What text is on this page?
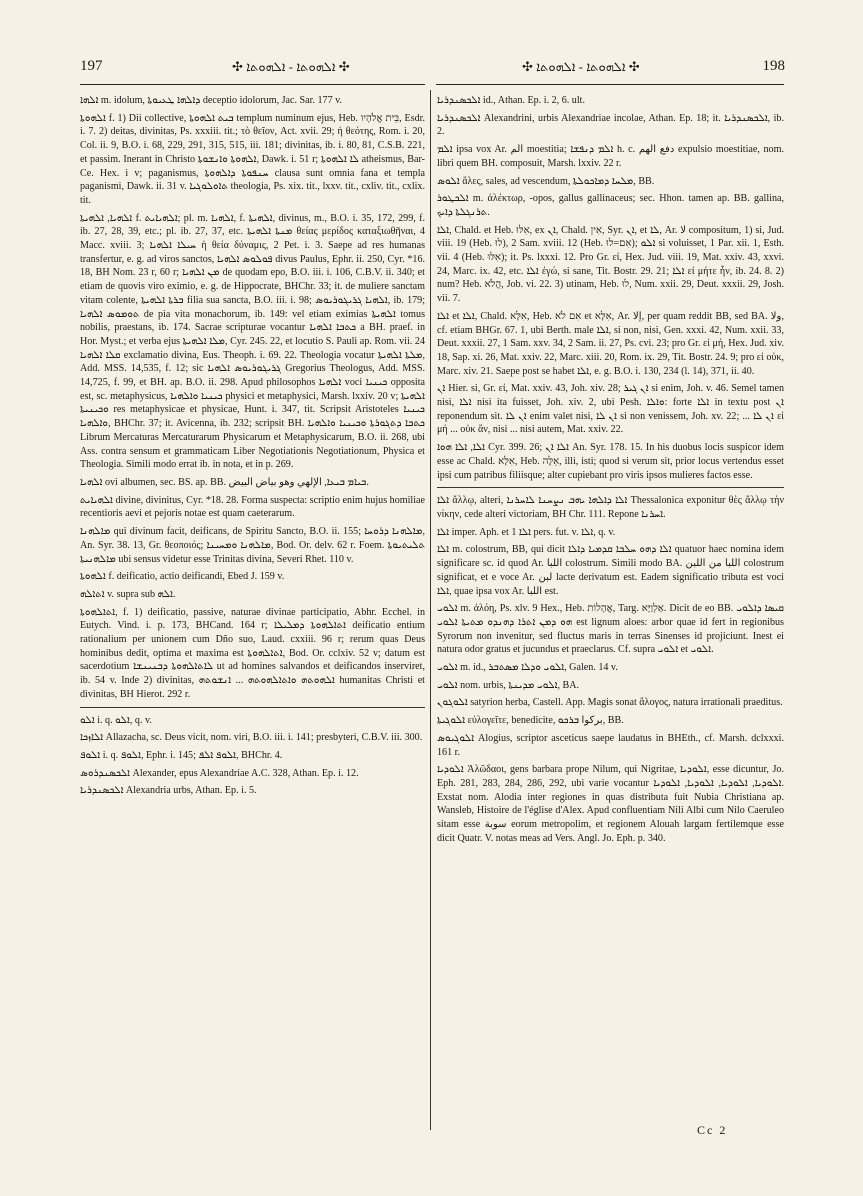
197	✣ ܐܠܗܘܬܐ - ܐܠܗܘܬܐ ✣	✣ ܐܠܗܘܬܐ - ܐܠܗܘܬܐ ✣	198
ܐܠܗܐ m. idolum, ܕܐܠܗܐ ܛܥܝܘܬܐ deceptio idolorum, Jac. Sar. 177 v.
ܐܠܗܘܬܐ f. 1) Dii collective, ܒܝܬ ܐܠܗܘܬܐ templum numinum ejus, Heb. בֵּית אֱלֹהָיו, Esdr. i. 7. 2) deitas, divinitas, Ps. xxxiii. tit.; τὸ θεῖον, Act. xvii. 29; ἡ θεότης, Rom. i. 20, Col. ii. 9, B.O. i. 68, 229, 291, 315, 515, iii. 181; divinitas, ib. i. 80, 81, C.S.B. 221, et passim. Inerant in Christo ܐܠܗܘܬܐ ܘܐܢܫܘܬܐ, Dawk. i. 51 r; ܠܐ ܐܠܗܘܬܐ atheismus, Bar-Ce. Hex. i v; paganismus, ܚܢܦܘܬܐ ܕܐܠܗܘܬܐ clausa sunt omnia fana et templa paganismi, Dawk. ii. 31 v. ܬܐܘܠܘܓܝܐ theologia, Ps. xix. tit., lxxv. tit., cxliv. tit., cxlix. tit.
ܐܠܗܝܐ, ܐܠܗܝܬܐ f. ܐܠܗܝܐܝܬ; pl. m. ܐܠܗܝܐ, f. ܐܠܗܝܬܐ, divinus, m., B.O. i. 35, 172, 299, f. ib. 27, 28, 39, etc.; pl. ib. 27, 37, etc. ܡܢܬܐ ܐܠܗܝܬܐ θείας μερίδος καταξιωθῆναι, 4 Macc. xviii. 3; ܚܝܠܐ ܐܠܗܝܐ ἡ θεία δύναμις, 2 Pet. i. 3. Saepe ad res humanas transfertur, e. g. ad viros sanctos, ܦܘܠܘܣ ܐܠܗܝܐ divus Paulus, Ephr. ii. 250, Cyr. *16. 18, BH Nom. 23 r, 60 r; ܡܢ ܐܠܗܝܐ de quodam epo, B.O. iii. i. 106, C.B.V. ii. 340; et etiam de quovis viro eximio, e. g. de Hippocrate, BHChr. 33; it. de muliere sanctam vitam colente, ܒܪܬܐ ܐܠܗܝܬܐ filia sua sancta, B.O. iii. i. 98; ܐܠܗܝܐ ܓܪܝܓܘܪܝܘܣ, ib. 179; ܬܘܡܘܣ ܐܠܗܝܐ de pia vita monachorum, ib. 149: vel etiam eximias ܐܠܗܝܬܐ tomus nobilis, praestans, ib. 174. Sacrae scripturae vocantur ܟܬܒܐ ܐܠܗܝܐ a BH. praef. in Hor. Myst.; et verba ejus ܡܠܐ ܐܠܗܝܬܐ, Cyr. 245. 22, et locutio S. Pauli ap. Rom. vii. 24 ܩܠܐ ܐܠܗܝܐ exclamatio divina, Eus. Theoph. i. 69. 22. Theologia vocatur ܡܠܬܐ ܐܠܗܝܬܐ, Add. MSS. 14,535, f. 12; sic ܓܪܝܓܘܪܝܘܣ ܐܠܗܝܐ Gregorius Theologus, Add. MSS. 14,725, f. 99, et BH. ap. B.O. ii. 298. Apud philosophos ܐܠܗܝܐ voci ܟܝܢܝܐ opposita est, sc. metaphysicus, ܟܝܢܝܐ ܘܐܠܗܝܐ physici et metaphysici, Marsh. lxxiv. 20 v; ܐܠܗܝܬܐ ܘܟܝܢܝܬܐ res metaphysicae et physicae, Hunt. i. 347, tit. Scripsit Aristoteles ܟܝܢܝܐ ܘܐܠܗܝܐ, BHChr. 37; it. Avicenna, ib. 232; scripsit BH. ܟܬܒܐ ܕܬܓܘܪܬܐ ܘܟܝܢܝܐ ܘܐܠܗܝܐ Librum Mercaturas Mercaturarum Physicarum et Metaphysicarum, B.O. ii. 268, ubi Ass. contra sensum et grammaticam Liber Negotiationis Negotiationum, Physica et Theologia. Simili modo errat ib. in nota, et in p. 269.
ܐܠܗܝܐ ovi albumen, sec. BS. ap. BB. ܒܝܐܡ ܒܝܥܐ, الإلهي وهو بياض البيض.
ܐܠܗܝܐܝܬ divine, divinitus, Cyr. *18. 28. Forma suspecta: scriptio enim hujus homiliae recentioris aevi et pejoris notae est quam caeterarum.
ܡܐܠܗܢܐ qui divinum facit, deificans, de Spiritu Sancto, B.O. ii. 155; ܡܐܠܗܢܐ ܕܪܘܚܐ, An. Syr. 38. 13, Gr. θεοποιός; ܡܐܠܗܢܐ ܘܡܚܝܢܐ, Bod. Or. delv. 62 r. Foem. ܬܠܝܬܝܘܬܐ ܡܐܠܗܢܝܬܐ ubi sensus videtur esse Trinitas divina, Severi Rhet. 110 v.
ܐܠܗܘܬܐ f. deificatio, actio deificandi, Ebed J. 159 v.
ܐܬܐܠܗ v. supra sub ܐܠܗ.
ܐܬܐܠܗܘܬܐ, f. 1) deificatio, passive, naturae divinae participatio, Abhr. Ecchel. in Eutych. Vind. i. p. 173, BHCand. 164 r; ܐܬܐܠܗܘܬܐ ܕܡܠܝܠܐ deificatio entium rationalium per unionem cum Dño suo, Laud. cxxiii. 96 r; rerum quas Deus hominibus dedit, optima et maxima est ܐܬܐܠܗܘܬܐ, Bod. Or. cclxiv. 52 v; datum est sacerdotium ܠܐܬܐܠܗܘܬܐ ܕܒܢܝܢܫܐ ut ad homines salvandos et deificandos inserviret, ib. 54 v. Inde 2) divinitas, ܐܠܗܘܬܗ ܘܐܬܐܠܗܘܬܗ ... ܐܢܫܘܬܗ humanitas Christi et divinitas, BH Hierot. 292 r.
ܐܠܘ i. q. ܐܠܘ, q. v.
ܐܠܐܙܟܐ Allazacha, sc. Deus vicit, nom. viri, B.O. iii. i. 141; presbyteri, C.B.V. iii. 300.
ܐܠܘܦ i. q. ܐܠܘܦ, Ephr. i. 145; ܐܠܘܦ ܐܠܦ, BHChr. 4.
ܐܠܟܣܢܕܪܘܣ Alexander, epus Alexandriae A.C. 328, Athan. Ep. i. 12.
ܐܠܟܣܢܕܪܝܐ Alexandria urbs, Athan. Ep. i. 5.
ܐܠܟܣܢܕܪܝܐ id., Athan. Ep. i. 2, 6. ult.
ܐܠܟܣܢܕܪܝܐ Alexandrini, urbis Alexandriae incolae, Athan. Ep. 18; it. ܐܠܟܣܢܕܪܝܐ, ib. 2.
ܐܠܡ ipsa vox Ar. الم moestitia; ܐܠܡ ܕܢܦܫܐ h. c. دفع الهم expulsio moestitiae, nom. libri quem BH. composuit, Marsh. lxxiv. 22 r.
ܐܠܘܣ ἅλες, sales, ad vescendum, ܡܠܚܐ ܕܡܐܟܘܠܬܐ, BB.
ܐܠܟܛܘܪ m. ἀλέκτωρ, -opos, gallus gallinaceus; sec. Hhon. tamen ap. BB. gallina, ܬܪܢܓܠܬܐ ܕܐܝܟ.
ܐܠܐ, Chald. et Heb. אִלּוּ, ex ܐܢ, Chald. אִין, Syr. ܐܢ, et ܠܐ, Ar. لا compositum, 1) si, Jud. viii. 19 (Heb. לוּ), 2 Sam. xviii. 12 (Heb. אִם=לוּ); ܐܠܘ si voluisset, 1 Par. xii. 1, Esth. vii. 4 (Heb. אִלּוּ); it. Ps. lxxxi. 12. Pro Gr. εἰ, Hex. Jud. viii. 19, Mat. xxiv. 43, xxvi. 24, Marc. ix. 42, etc. ܐܠܐ ἐγώ, si sane, Tit. Bostr. 29. 21; ܐܠܐ εἰ μήτε ἦν, ib. 24. 8. 2) num? Heb. הֲלֹא, Job. vi. 22. 3) utinam, Heb. לוּ, Num. xxii. 29, Deut. xxxii. 29, Josh. vii. 7.
ܐܠܐ et ܐܠܐ, Chald. אִלָּא, Heb. אִם לֹא et אִלָּא, Ar. إلا, per quam reddit BB, sed BA. ولا, cf. etiam BHGr. 67. 1, ubi Berth. male ܐܠܐ, si non, nisi, Gen. xxxi. 42, Num. xxii. 33, Deut. xxxii. 27, 1 Sam. xxv. 34, 2 Sam. ii. 27, Ps. cvi. 23; pro Gr. εἰ μή, Hex. Jud. xiv. 18, Sap. xi. 26, Mat. xxiv. 22, Marc. xiii. 20, Rom. ix. 29, Tit. Bostr. 24. 9; pro εἰ οὐκ, Marc. xiv. 21. Saepe post se habet ܐܠܐ, e. g. B.O. i. 130, 234 (l. 14), 371, ii. 40.
ܐܢ Hier. si, Gr. εἰ, Mat. xxiv. 43, Joh. xiv. 28; ܐܢ ܓܝܪ si enim, Joh. v. 46. Semel tamen nisi, ܐܠܐ nisi ita fuisset, Joh. xiv. 2, ubi Pesh. ܘܐܠܐ: forte ܐܠܐ in textu post ܐܢ reponendum sit. ܐܢ ܠܐ enim valet nisi, ܐܢ ܠܐ si non venissem, Joh. xv. 22; ... ܐܢ ܠܐ εἰ μή ... οὐκ ἄν, nisi ... nisi autem, Mat. xxiv. 22.
ܐܠܐ, ܐܠܐ ܗܘܐ Cyr. 399. 26; ܐܠܐ ܐܢ An. Syr. 178. 15. In his duobus locis suspicor idem esse ac Chald. אִלָּא, Heb. אֵלֶּה, illi, isti; quod si verum sit, prior locus vertendus esset ipsi cum patribus filiisque; alter cupiebant pro viris ipsos mulieres factos esse.
ܐܠܐ ἄλλῳ, alteri, ܐܠܐ ܕܐܠܗܐ ܝܗܒ ܢܨܚܢܐ ܠܐܚܪܢܐ Thessalonica exponitur θὲς ἄλλῳ τὴν νίκην, cede alteri victoriam, BH Chr. 111. Repone ܐܚܪܢܐ.
ܐܠܐ imper. Aph. et ܐܠܐ 1 pers. fut. v. ܐܠܐ, q. v.
ܐܠܐ m. colostrum, BB, qui dicit ܐܠܐ ܕܗܘ ܚܠܒܐ ܩܕܡܝܐ ܕܐܠܐ quatuor haec nomina idem significare sc. id quod Ar. اللبا colostrum. Simili modo BA. اللبا من اللبن colostrum significat, et e voce Ar. لبن lacte derivatum est. Eadem significatio tributa est voci ܐܠܐ, quae ipsa vox Ar. اللبا est.
ܐܠܘܝ m. ἀλόη, Ps. xlv. 9 Hex., Heb. אֲהָלוֹת, Targ. אַלְוַיָּא. Dicit de eo BB. ܩܝܣܐ ܕܐܠܘܝ ܗܘ ܕܡܢ ܐܬܪܐ ܕܗܢܕܘ ܡܬܝܬܐ ܐܠܘܝ est lignum aloes: arbor quae id fert in regionibus Syrorum non invenitur, sed fluctus maris in terras Sinenses id projiciunt. Inest ei natura odor gratus et jucundus et praeclarus. Cf. supra ܐܠܘܝ et ܐܠܘܝ.
ܐܠܘܝ m. id., ܐܠܘܝ ܘܕܠܐ ܡܣܬܒܪ, Galen. 14 v.
ܐܠܘܝ nom. urbis, ܐܠܘܝ ܡܕܝܢܬܐ, BA.
ܐܠܘܓܘܢ satyrion herba, Castell. App. Magis sonat ἄλογος, natura irrationali praeditus.
ܐܠܘܓܝܬܐ εὐλογεῖτε, benedicite, بركوا ܒܪܟܘ, BB.
ܐܠܘܓܝܘܣ Alogius, scriptor asceticus saepe laudatus in BHEth., cf. Marsh. dclxxxi. 161 r.
ܐܠܘܕܝܐ Ἀλῶδαοι, gens barbara prope Nilum, qui Nigritae, ܐܠܘܕܝܐ, esse dicuntur, Jo. Eph. 281, 283, 284, 286, 292, ubi varie vocantur ܐܠܘܕܝܐ, ܐܠܘܕܝܐ, ܐܠܘܕܝܐ, ܐܠܘܕܝܐ. Exstat nom. Alodia inter regiones in quas distributa fuit Nubia Christiana ap. Wansleb, Histoire de l'église d'Alex. Apud confluentiam Nili Albi cum Nilo Caeruleo sitam esse سوبة eorum metropolim, et regionem Alouah largam fertilemque esse dicit Quatr. V. notas meas ad Vers. Angl. Jo. Eph. p. 340.
Cc 2
